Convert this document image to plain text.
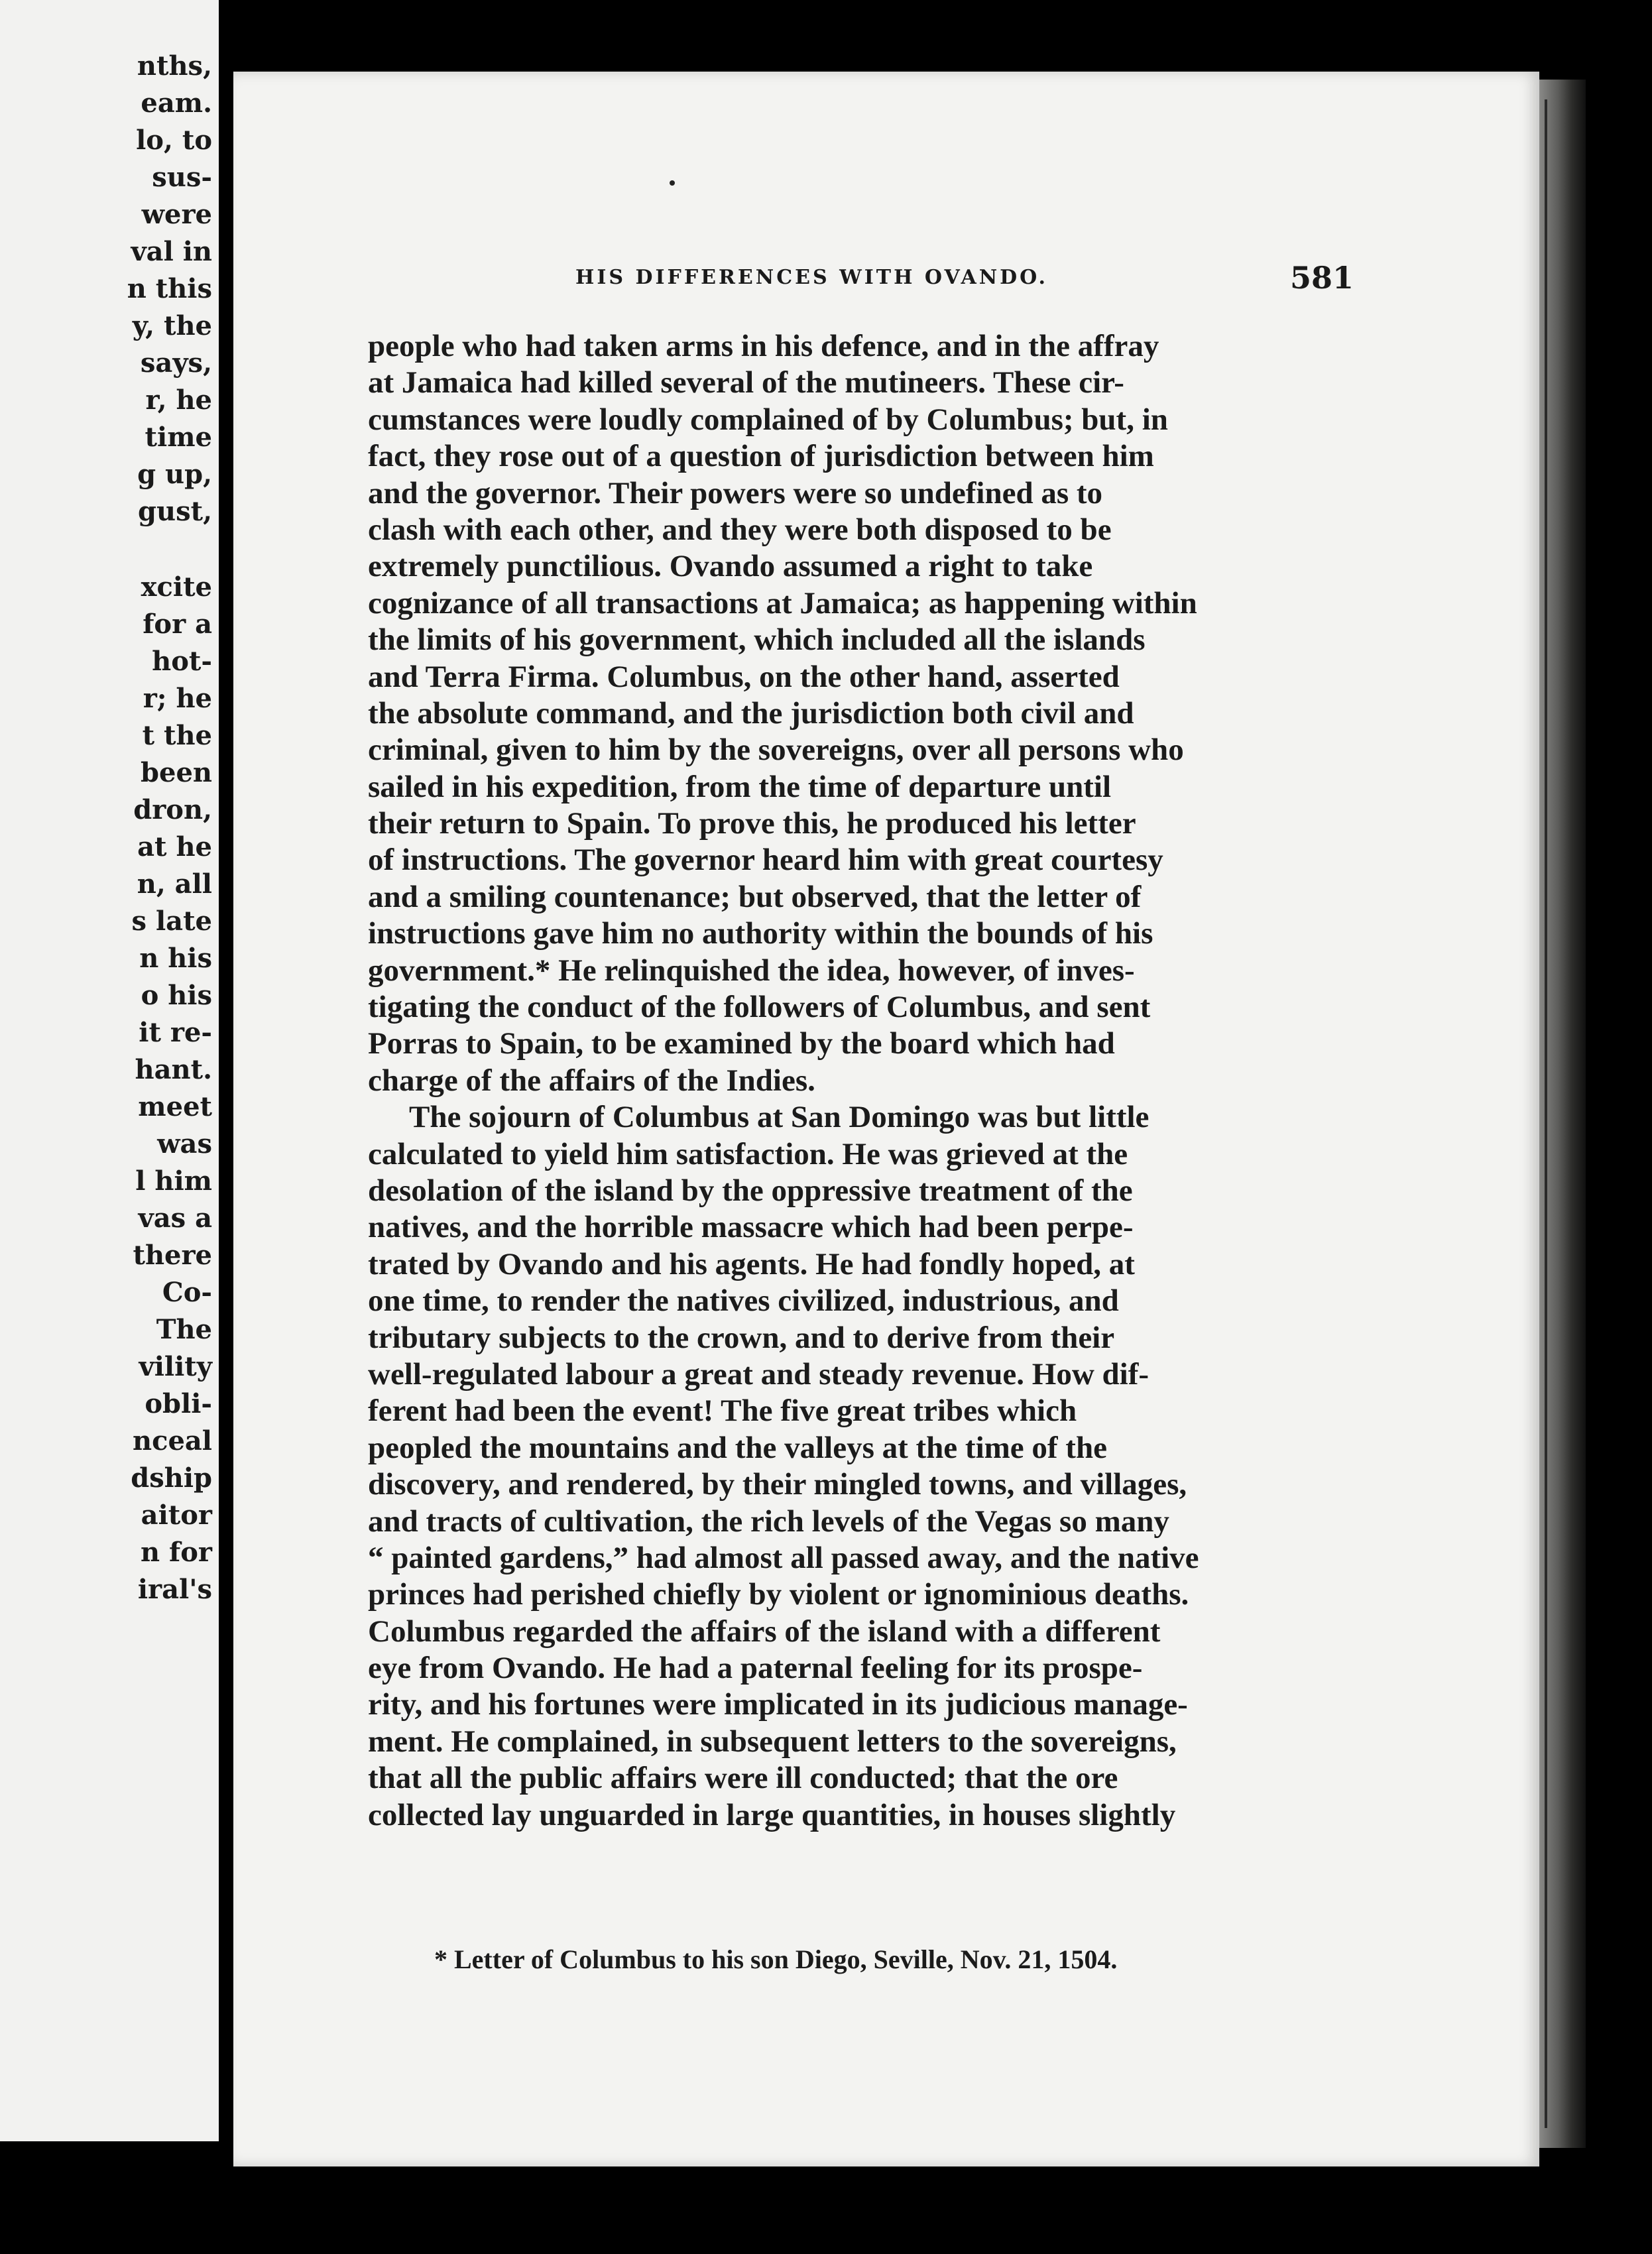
nths,

eam.

lo, to

sus-

were

val in

n this

y, the

says,

r, he

time

g up,

gust,

xcite

for a

hot-

r; he

t the

been

dron,

at he

n, all

s late

n his

o his

it re-

hant.

meet

was

l him

vas a

there

Co-

The

vility

obli-

nceal

dship

aitor

n for

iral's

HIS DIFFERENCES WITH OVANDO.	581

people who had taken arms in his defence, and in the affray
at Jamaica had killed several of the mutineers. These cir-
cumstances were loudly complained of by Columbus; but, in
fact, they rose out of a question of jurisdiction between him
and the governor. Their powers were so undefined as to
clash with each other, and they were both disposed to be
extremely punctilious. Ovando assumed a right to take
cognizance of all transactions at Jamaica; as happening within
the limits of his government, which included all the islands
and Terra Firma. Columbus, on the other hand, asserted
the absolute command, and the jurisdiction both civil and
criminal, given to him by the sovereigns, over all persons who
sailed in his expedition, from the time of departure until
their return to Spain. To prove this, he produced his letter
of instructions. The governor heard him with great courtesy
and a smiling countenance; but observed, that the letter of
instructions gave him no authority within the bounds of his
government.* He relinquished the idea, however, of inves-
tigating the conduct of the followers of Columbus, and sent
Porras to Spain, to be examined by the board which had
charge of the affairs of the Indies.
The sojourn of Columbus at San Domingo was but little
calculated to yield him satisfaction. He was grieved at the
desolation of the island by the oppressive treatment of the
natives, and the horrible massacre which had been perpe-
trated by Ovando and his agents. He had fondly hoped, at
one time, to render the natives civilized, industrious, and
tributary subjects to the crown, and to derive from their
well-regulated labour a great and steady revenue. How dif-
ferent had been the event! The five great tribes which
peopled the mountains and the valleys at the time of the
discovery, and rendered, by their mingled towns, and villages,
and tracts of cultivation, the rich levels of the Vegas so many
“ painted gardens,” had almost all passed away, and the native
princes had perished chiefly by violent or ignominious deaths.
Columbus regarded the affairs of the island with a different
eye from Ovando. He had a paternal feeling for its prospe-
rity, and his fortunes were implicated in its judicious manage-
ment. He complained, in subsequent letters to the sovereigns,
that all the public affairs were ill conducted; that the ore
collected lay unguarded in large quantities, in houses slightly

* Letter of Columbus to his son Diego, Seville, Nov. 21, 1504.
